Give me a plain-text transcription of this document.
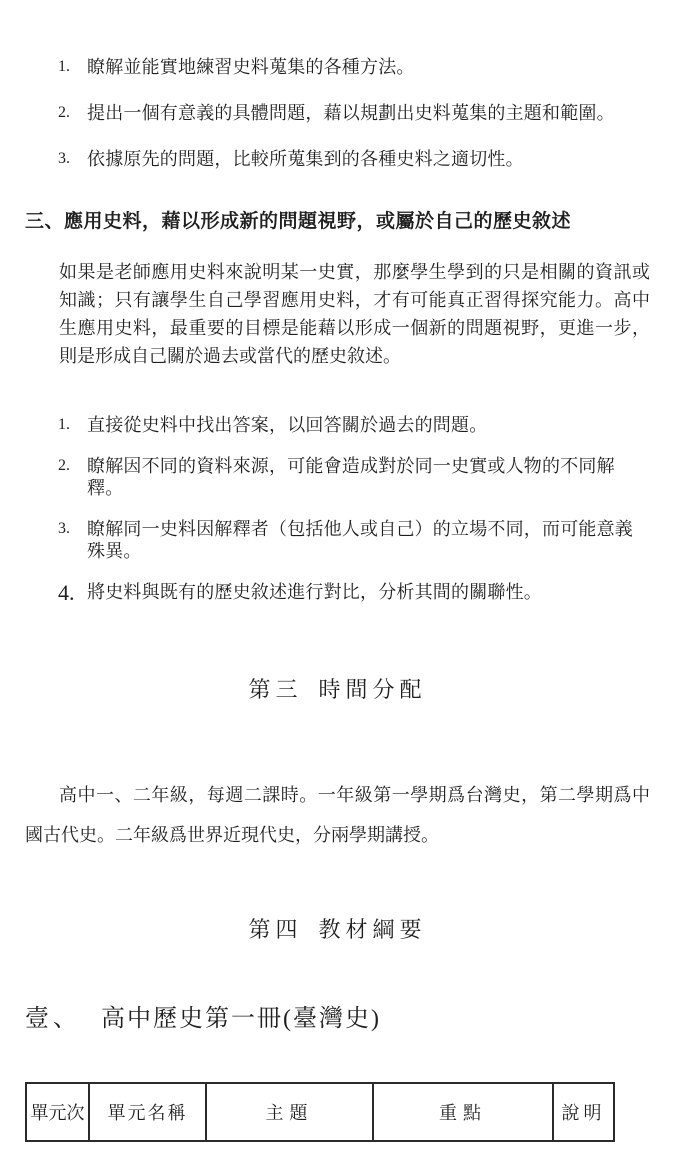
1. 瞭解並能實地練習史料蒐集的各種方法。
2. 提出一個有意義的具體問題，藉以規劃出史料蒐集的主題和範圍。
3. 依據原先的問題，比較所蒐集到的各種史料之適切性。
三、應用史料，藉以形成新的問題視野，或屬於自己的歷史敘述

如果是老師應用史料來說明某一史實，那麼學生學到的只是相關的資訊或知識；只有讓學生自己學習應用史料，才有可能真正習得探究能力。高中生應用史料，最重要的目標是能藉以形成一個新的問題視野，更進一步，則是形成自己關於過去或當代的歷史敘述。

1. 直接從史料中找出答案，以回答關於過去的問題。
2. 瞭解因不同的資料來源，可能會造成對於同一史實或人物的不同解釋。
3. 瞭解同一史料因解釋者（包括他人或自己）的立場不同，而可能意義殊異。
4. 將史料與既有的歷史敘述進行對比，分析其間的關聯性。
第三 時間分配

高中一、二年級，每週二課時。一年級第一學期爲台灣史，第二學期爲中國古代史。二年級爲世界近現代史，分兩學期講授。

第四 教材綱要
壹、 高中歷史第一冊(臺灣史)
單元次	單元名稱	主題	重點	說明
